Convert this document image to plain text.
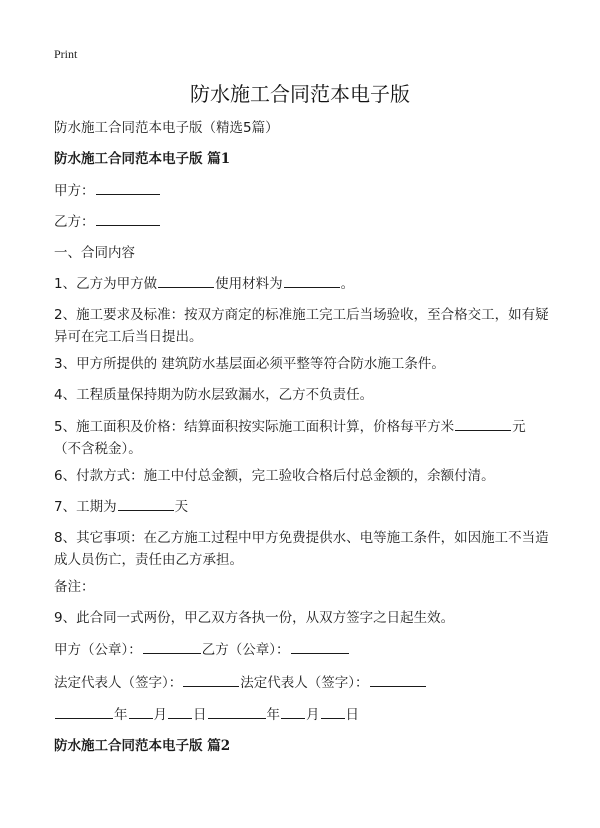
Print
防水施工合同范本电子版
防水施工合同范本电子版（精选5篇）
防水施工合同范本电子版 篇1
甲方：
乙方：
一、合同内容
1、乙方为甲方做	使用材料为	。
2、施工要求及标准：按双方商定的标准施工完工后当场验收，至合格交工，如有疑异可在完工后当日提出。
3、甲方所提供的 建筑防水基层面必须平整等符合防水施工条件。
4、工程质量保持期为防水层致漏水，乙方不负责任。
5、施工面积及价格：结算面积按实际施工面积计算，价格每平方米	元（不含税金）。
6、付款方式：施工中付总金额，完工验收合格后付总金额的，余额付清。
7、工期为	天
8、其它事项：在乙方施工过程中甲方免费提供水、电等施工条件，如因施工不当造成人员伤亡，责任由乙方承担。
备注：
9、此合同一式两份，甲乙双方各执一份，从双方签字之日起生效。
甲方（公章）：	乙方（公章）：
法定代表人（签字）：	法定代表人（签字）：
年 月 日	年 月 日
防水施工合同范本电子版 篇2
